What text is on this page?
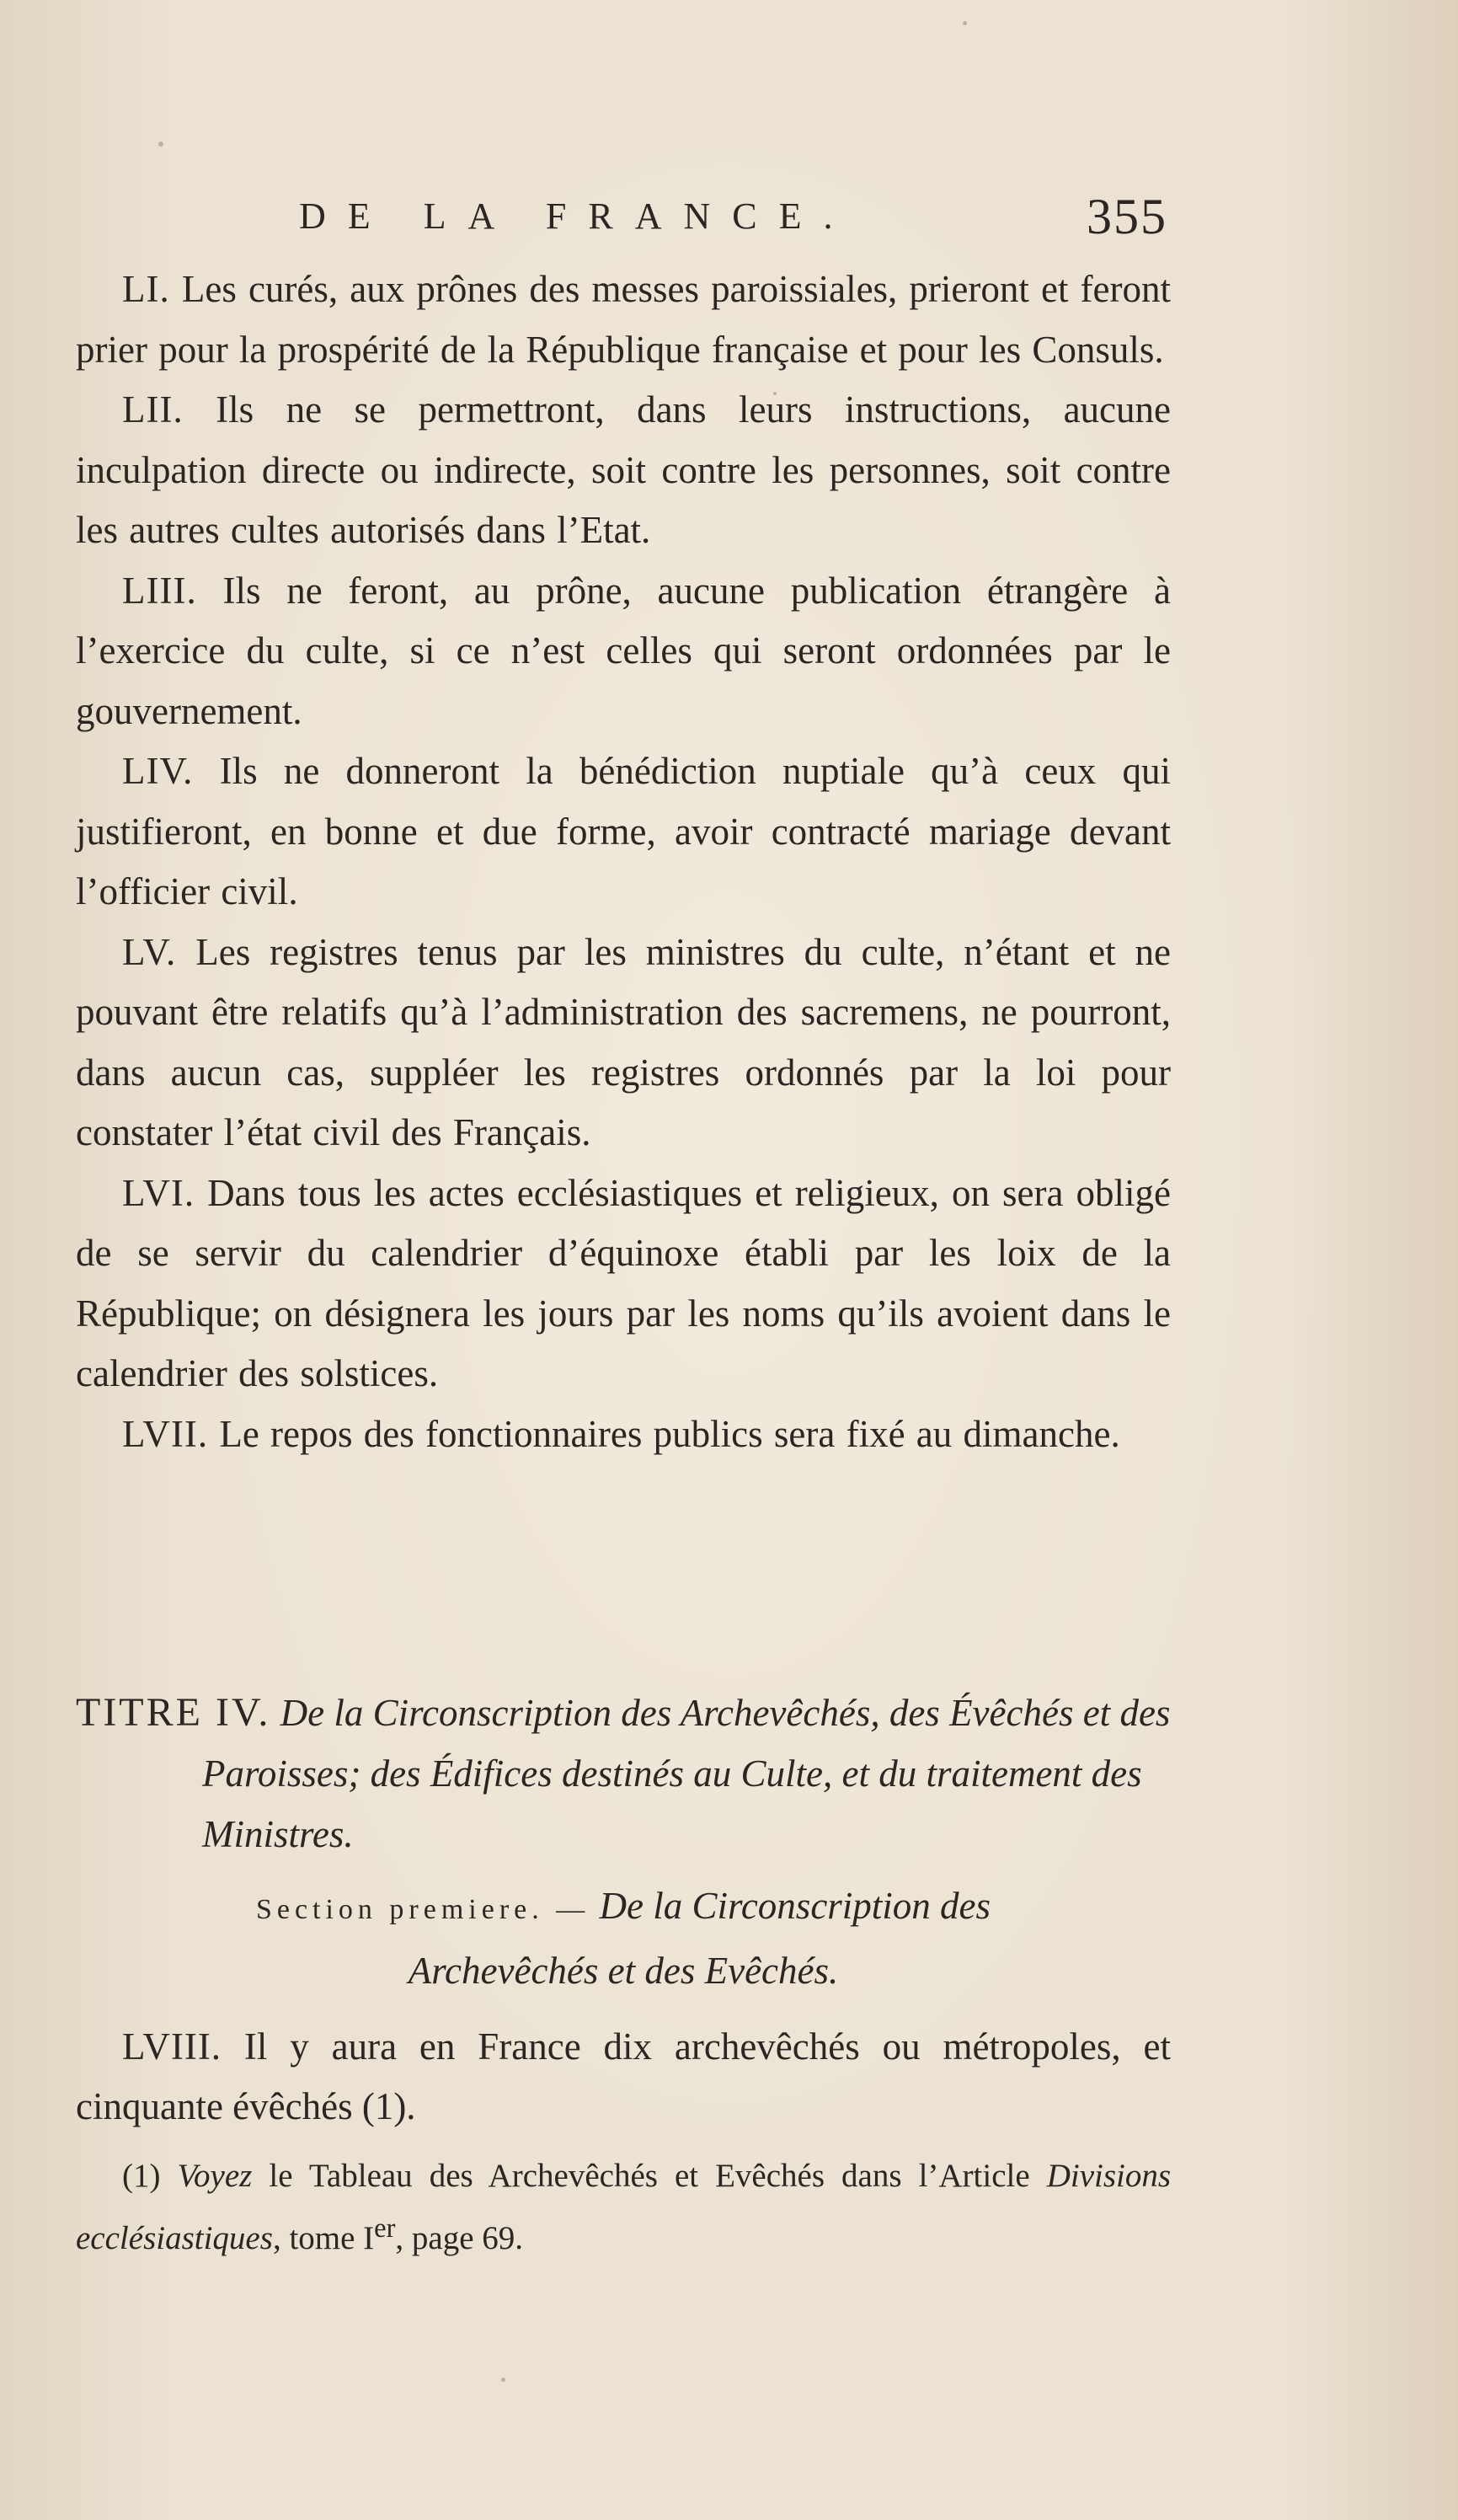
DE LA FRANCE.	355

LI. Les curés, aux prônes des messes paroissiales, prieront et feront prier pour la prospérité de la République française et pour les Consuls.

LII. Ils ne se permettront, dans leurs instructions, aucune inculpation directe ou indirecte, soit contre les personnes, soit contre les autres cultes autorisés dans l’Etat.

LIII. Ils ne feront, au prône, aucune publication étrangère à l’exercice du culte, si ce n’est celles qui seront ordonnées par le gouvernement.

LIV. Ils ne donneront la bénédiction nuptiale qu’à ceux qui justifieront, en bonne et due forme, avoir contracté mariage devant l’officier civil.

LV. Les registres tenus par les ministres du culte, n’étant et ne pouvant être relatifs qu’à l’administration des sacremens, ne pourront, dans aucun cas, suppléer les registres ordonnés par la loi pour constater l’état civil des Français.

LVI. Dans tous les actes ecclésiastiques et religieux, on sera obligé de se servir du calendrier d’équinoxe établi par les loix de la République; on désignera les jours par les noms qu’ils avoient dans le calendrier des solstices.

LVII. Le repos des fonctionnaires publics sera fixé au dimanche.

TITRE IV. De la Circonscription des Archevêchés, des Évêchés et des Paroisses; des Édifices destinés au Culte, et du traitement des Ministres.

Section premiere. — De la Circonscription des
Archevêchés et des Evêchés.

LVIII. Il y aura en France dix archevêchés ou métropoles, et cinquante évêchés (1).

(1) Voyez le Tableau des Archevêchés et Evêchés dans l’Article Divisions ecclésiastiques, tome Ier, page 69.
